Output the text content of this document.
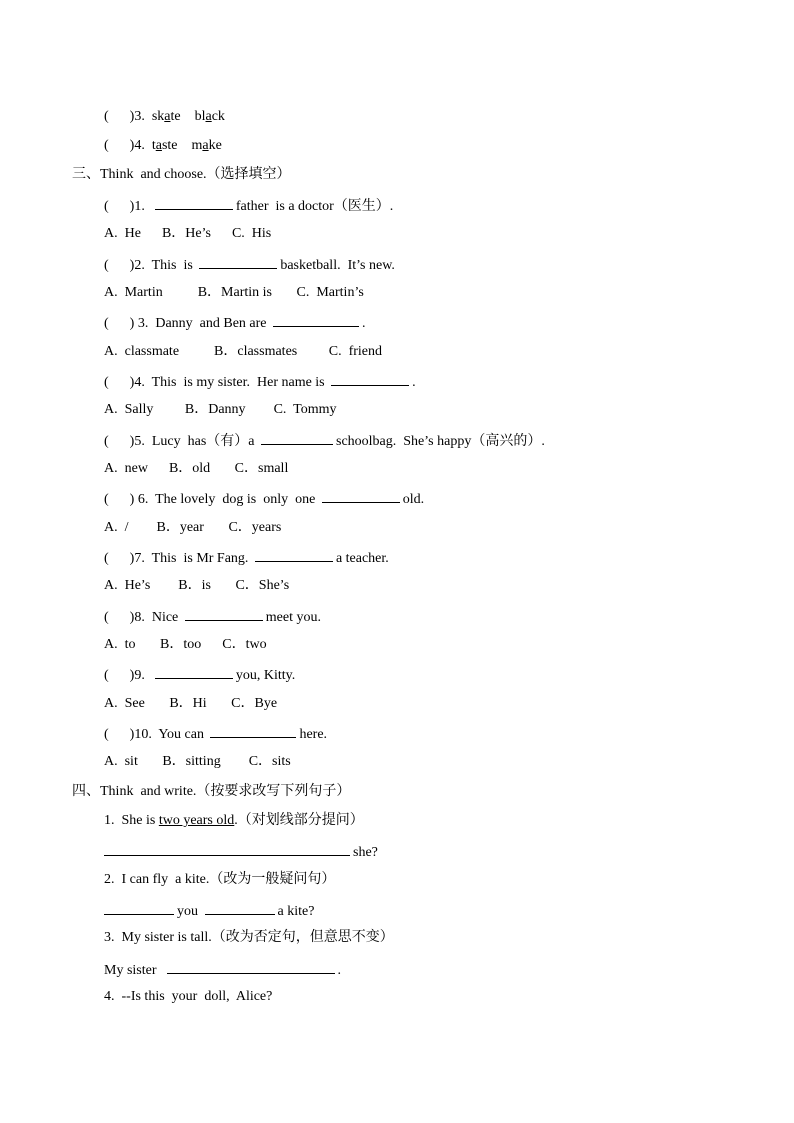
(      )3. skate black
(      )4. taste make
三、Think  and choose.（选择填空）
(      )1.	father  is a doctor（医生）.
A.  He B．He’s C.  His
(      )2. This  is	basketball.  It’s new.
A.  Martin	B．Martin is C.  Martin’s
(      ) 3. Danny  and Ben are	.
A.  classmate	B．classmates C.  friend
(      )4. This  is my sister.  Her name is	.
A.  Sally B．Danny C.  Tommy
(      )5. Lucy  has（有）a	schoolbag.  She’s happy（高兴的）.
A.  new B．old C．small
(      ) 6. The lovely  dog is  only  one	old.
A.  / B．year C．years
(      )7. This  is Mr Fang.	a teacher.
A.  He’s B．is C．She’s
(      )8. Nice	meet you.
A.  to B．too C．two
(      )9.	you, Kitty.
A.  See B．Hi C．Bye
(      )10. You can	here.
A.  sit B．sitting C．sits
四、Think  and write.（按要求改写下列句子）
1. She is two years old.（对划线部分提问）
she?
2. I can fly  a kite.（改为一般疑问句）
you	a kite?
3. My sister is tall.（改为否定句，但意思不变）
My sister	.
4. --Is this  your  doll,  Alice?
